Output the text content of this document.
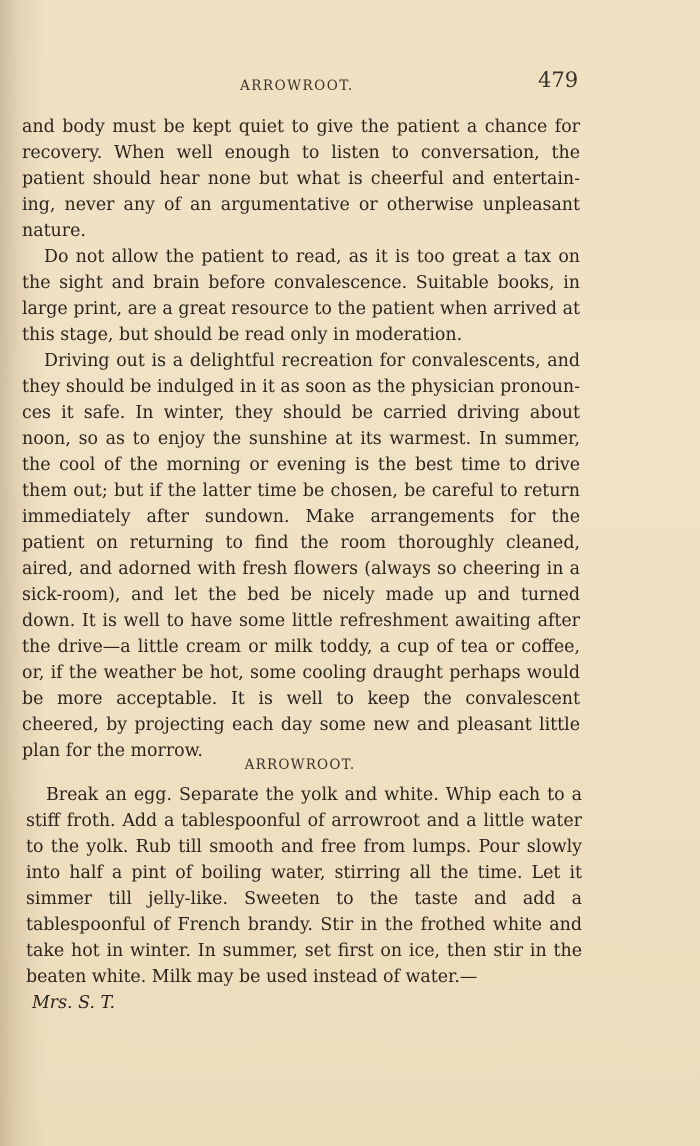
ARROWROOT.	479

and body must be kept quiet to give the patient a chance for recovery. When well enough to listen to conversation, the patient should hear none but what is cheerful and entertaining, never any of an argumentative or otherwise unpleasant nature.

Do not allow the patient to read, as it is too great a tax on the sight and brain before convalescence. Suitable books, in large print, are a great resource to the patient when arrived at this stage, but should be read only in moderation.

Driving out is a delightful recreation for convalescents, and they should be indulged in it as soon as the physician pronounces it safe. In winter, they should be carried driving about noon, so as to enjoy the sunshine at its warmest. In summer, the cool of the morning or evening is the best time to drive them out; but if the latter time be chosen, be careful to return immediately after sundown. Make arrangements for the patient on returning to find the room thoroughly cleaned, aired, and adorned with fresh flowers (always so cheering in a sick-room), and let the bed be nicely made up and turned down. It is well to have some little refreshment awaiting after the drive—a little cream or milk toddy, a cup of tea or coffee, or, if the weather be hot, some cooling draught perhaps would be more acceptable. It is well to keep the convalescent cheered, by projecting each day some new and pleasant little plan for the morrow.

ARROWROOT.

Break an egg. Separate the yolk and white. Whip each to a stiff froth. Add a tablespoonful of arrowroot and a little water to the yolk. Rub till smooth and free from lumps. Pour slowly into half a pint of boiling water, stirring all the time. Let it simmer till jelly-like. Sweeten to the taste and add a tablespoonful of French brandy. Stir in the frothed white and take hot in winter. In summer, set first on ice, then stir in the beaten white. Milk may be used instead of water.—
Mrs. S. T.
